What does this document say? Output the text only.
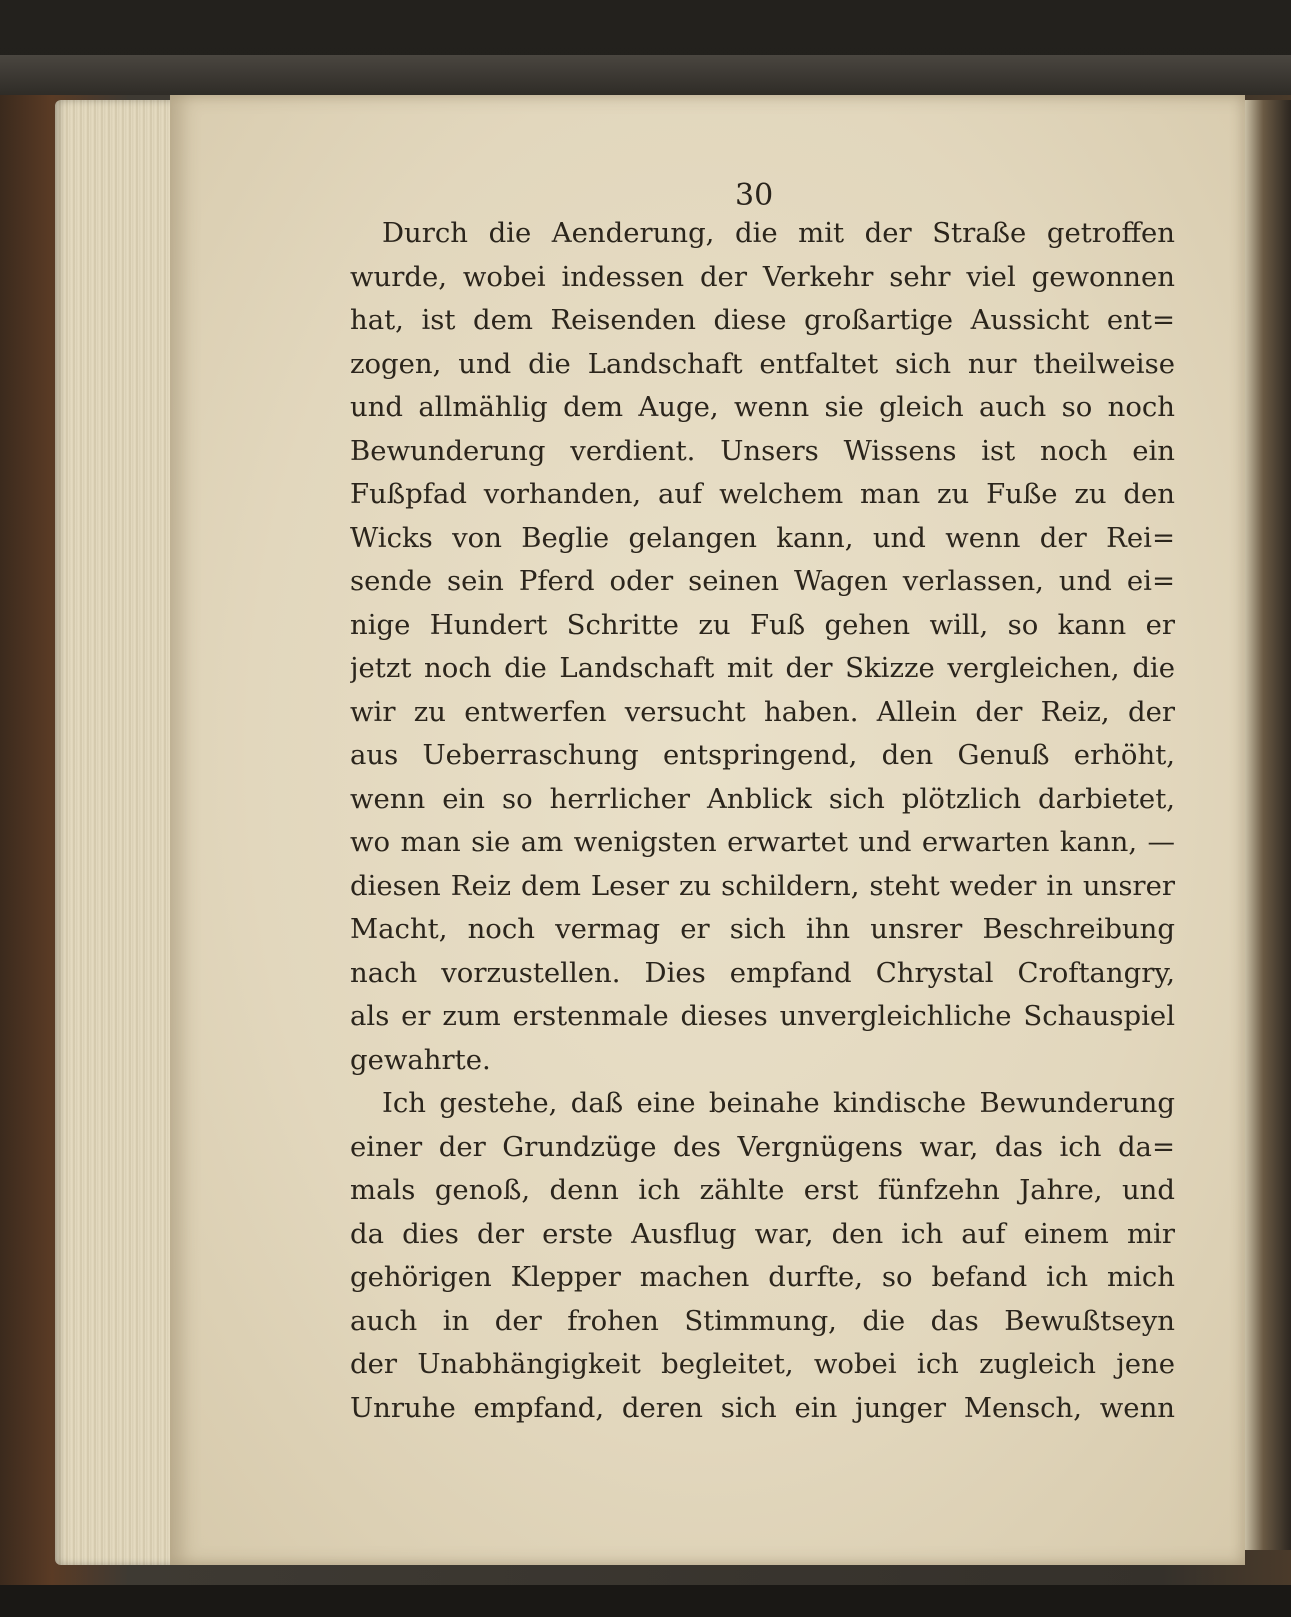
30
Durch die Aenderung, die mit der Straße getroffen
wurde, wobei indessen der Verkehr sehr viel gewonnen
hat, ist dem Reisenden diese großartige Aussicht ent=
zogen, und die Landschaft entfaltet sich nur theilweise
und allmählig dem Auge, wenn sie gleich auch so noch
Bewunderung verdient. Unsers Wissens ist noch ein
Fußpfad vorhanden, auf welchem man zu Fuße zu den
Wicks von Beglie gelangen kann, und wenn der Rei=
sende sein Pferd oder seinen Wagen verlassen, und ei=
nige Hundert Schritte zu Fuß gehen will, so kann er
jetzt noch die Landschaft mit der Skizze vergleichen, die
wir zu entwerfen versucht haben. Allein der Reiz, der
aus Ueberraschung entspringend, den Genuß erhöht,
wenn ein so herrlicher Anblick sich plötzlich darbietet,
wo man sie am wenigsten erwartet und erwarten kann, —
diesen Reiz dem Leser zu schildern, steht weder in unsrer
Macht, noch vermag er sich ihn unsrer Beschreibung
nach vorzustellen. Dies empfand Chrystal Croftangry,
als er zum erstenmale dieses unvergleichliche Schauspiel
gewahrte.
Ich gestehe, daß eine beinahe kindische Bewunderung
einer der Grundzüge des Vergnügens war, das ich da=
mals genoß, denn ich zählte erst fünfzehn Jahre, und
da dies der erste Ausflug war, den ich auf einem mir
gehörigen Klepper machen durfte, so befand ich mich
auch in der frohen Stimmung, die das Bewußtseyn
der Unabhängigkeit begleitet, wobei ich zugleich jene
Unruhe empfand, deren sich ein junger Mensch, wenn
